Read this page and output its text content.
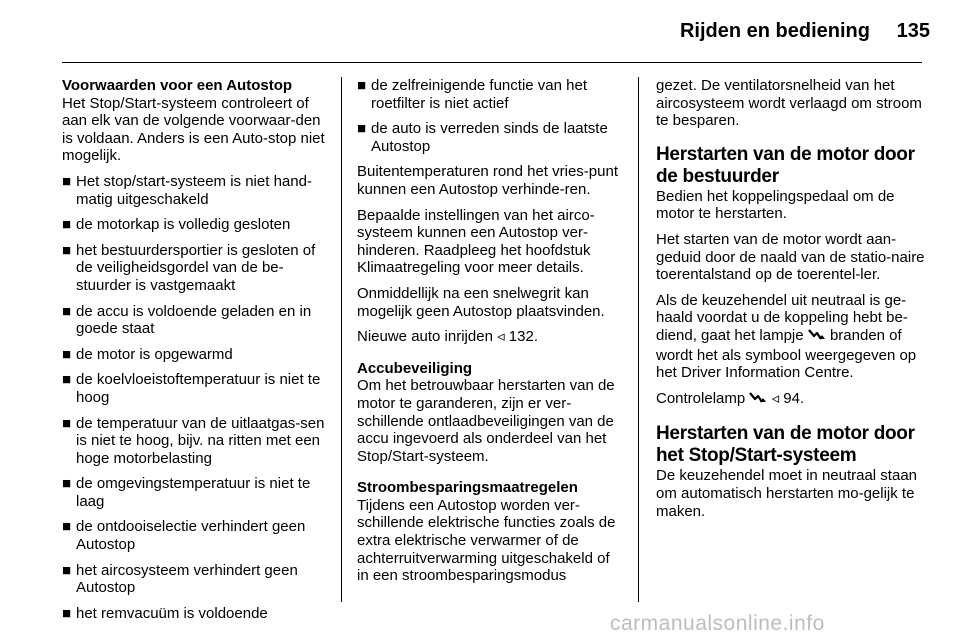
Rijden en bediening	135

Voorwaarden voor een Autostop

Het Stop/Start-systeem controleert of aan elk van de volgende voorwaar-den is voldaan. Anders is een Auto-stop niet mogelijk.

■ Het stop/start-systeem is niet hand-matig uitgeschakeld
■ de motorkap is volledig gesloten
■ het bestuurdersportier is gesloten of de veiligheidsgordel van de be-stuurder is vastgemaakt
■ de accu is voldoende geladen en in goede staat
■ de motor is opgewarmd
■ de koelvloeistoftemperatuur is niet te hoog
■ de temperatuur van de uitlaatgas-sen is niet te hoog, bijv. na ritten met een hoge motorbelasting
■ de omgevingstemperatuur is niet te laag
■ de ontdooiselectie verhindert geen Autostop
■ het aircosysteem verhindert geen Autostop
■ het remvacuüm is voldoende
■ de zelfreinigende functie van het roetfilter is niet actief
■ de auto is verreden sinds de laatste Autostop

Buitentemperaturen rond het vries-punt kunnen een Autostop verhinde-ren.

Bepaalde instellingen van het airco-systeem kunnen een Autostop ver-hinderen. Raadpleeg het hoofdstuk Klimaatregeling voor meer details.

Onmiddellijk na een snelwegrit kan mogelijk geen Autostop plaatsvinden.

Nieuwe auto inrijden ◃ 132.

Accubeveiliging

Om het betrouwbaar herstarten van de motor te garanderen, zijn er ver-schillende ontlaadbeveiligingen van de accu ingevoerd als onderdeel van het Stop/Start-systeem.

Stroombesparingsmaatregelen

Tijdens een Autostop worden ver-schillende elektrische functies zoals de extra elektrische verwarmer of de achterruitverwarming uitgeschakeld of in een stroombesparingsmodus

gezet. De ventilatorsnelheid van het aircosysteem wordt verlaagd om stroom te besparen.

Herstarten van de motor door de bestuurder

Bedien het koppelingspedaal om de motor te herstarten.

Het starten van de motor wordt aan-geduid door de naald van de statio-naire toerentalstand op de toerentel-ler.

Als de keuzehendel uit neutraal is ge-haald voordat u de koppeling hebt be-diend, gaat het lampje branden of wordt het als symbool weergegeven op het Driver Information Centre.

Controlelamp ◃ 94.

Herstarten van de motor door het Stop/Start-systeem

De keuzehendel moet in neutraal staan om automatisch herstarten mo-gelijk te maken.

carmanualsonline.info
